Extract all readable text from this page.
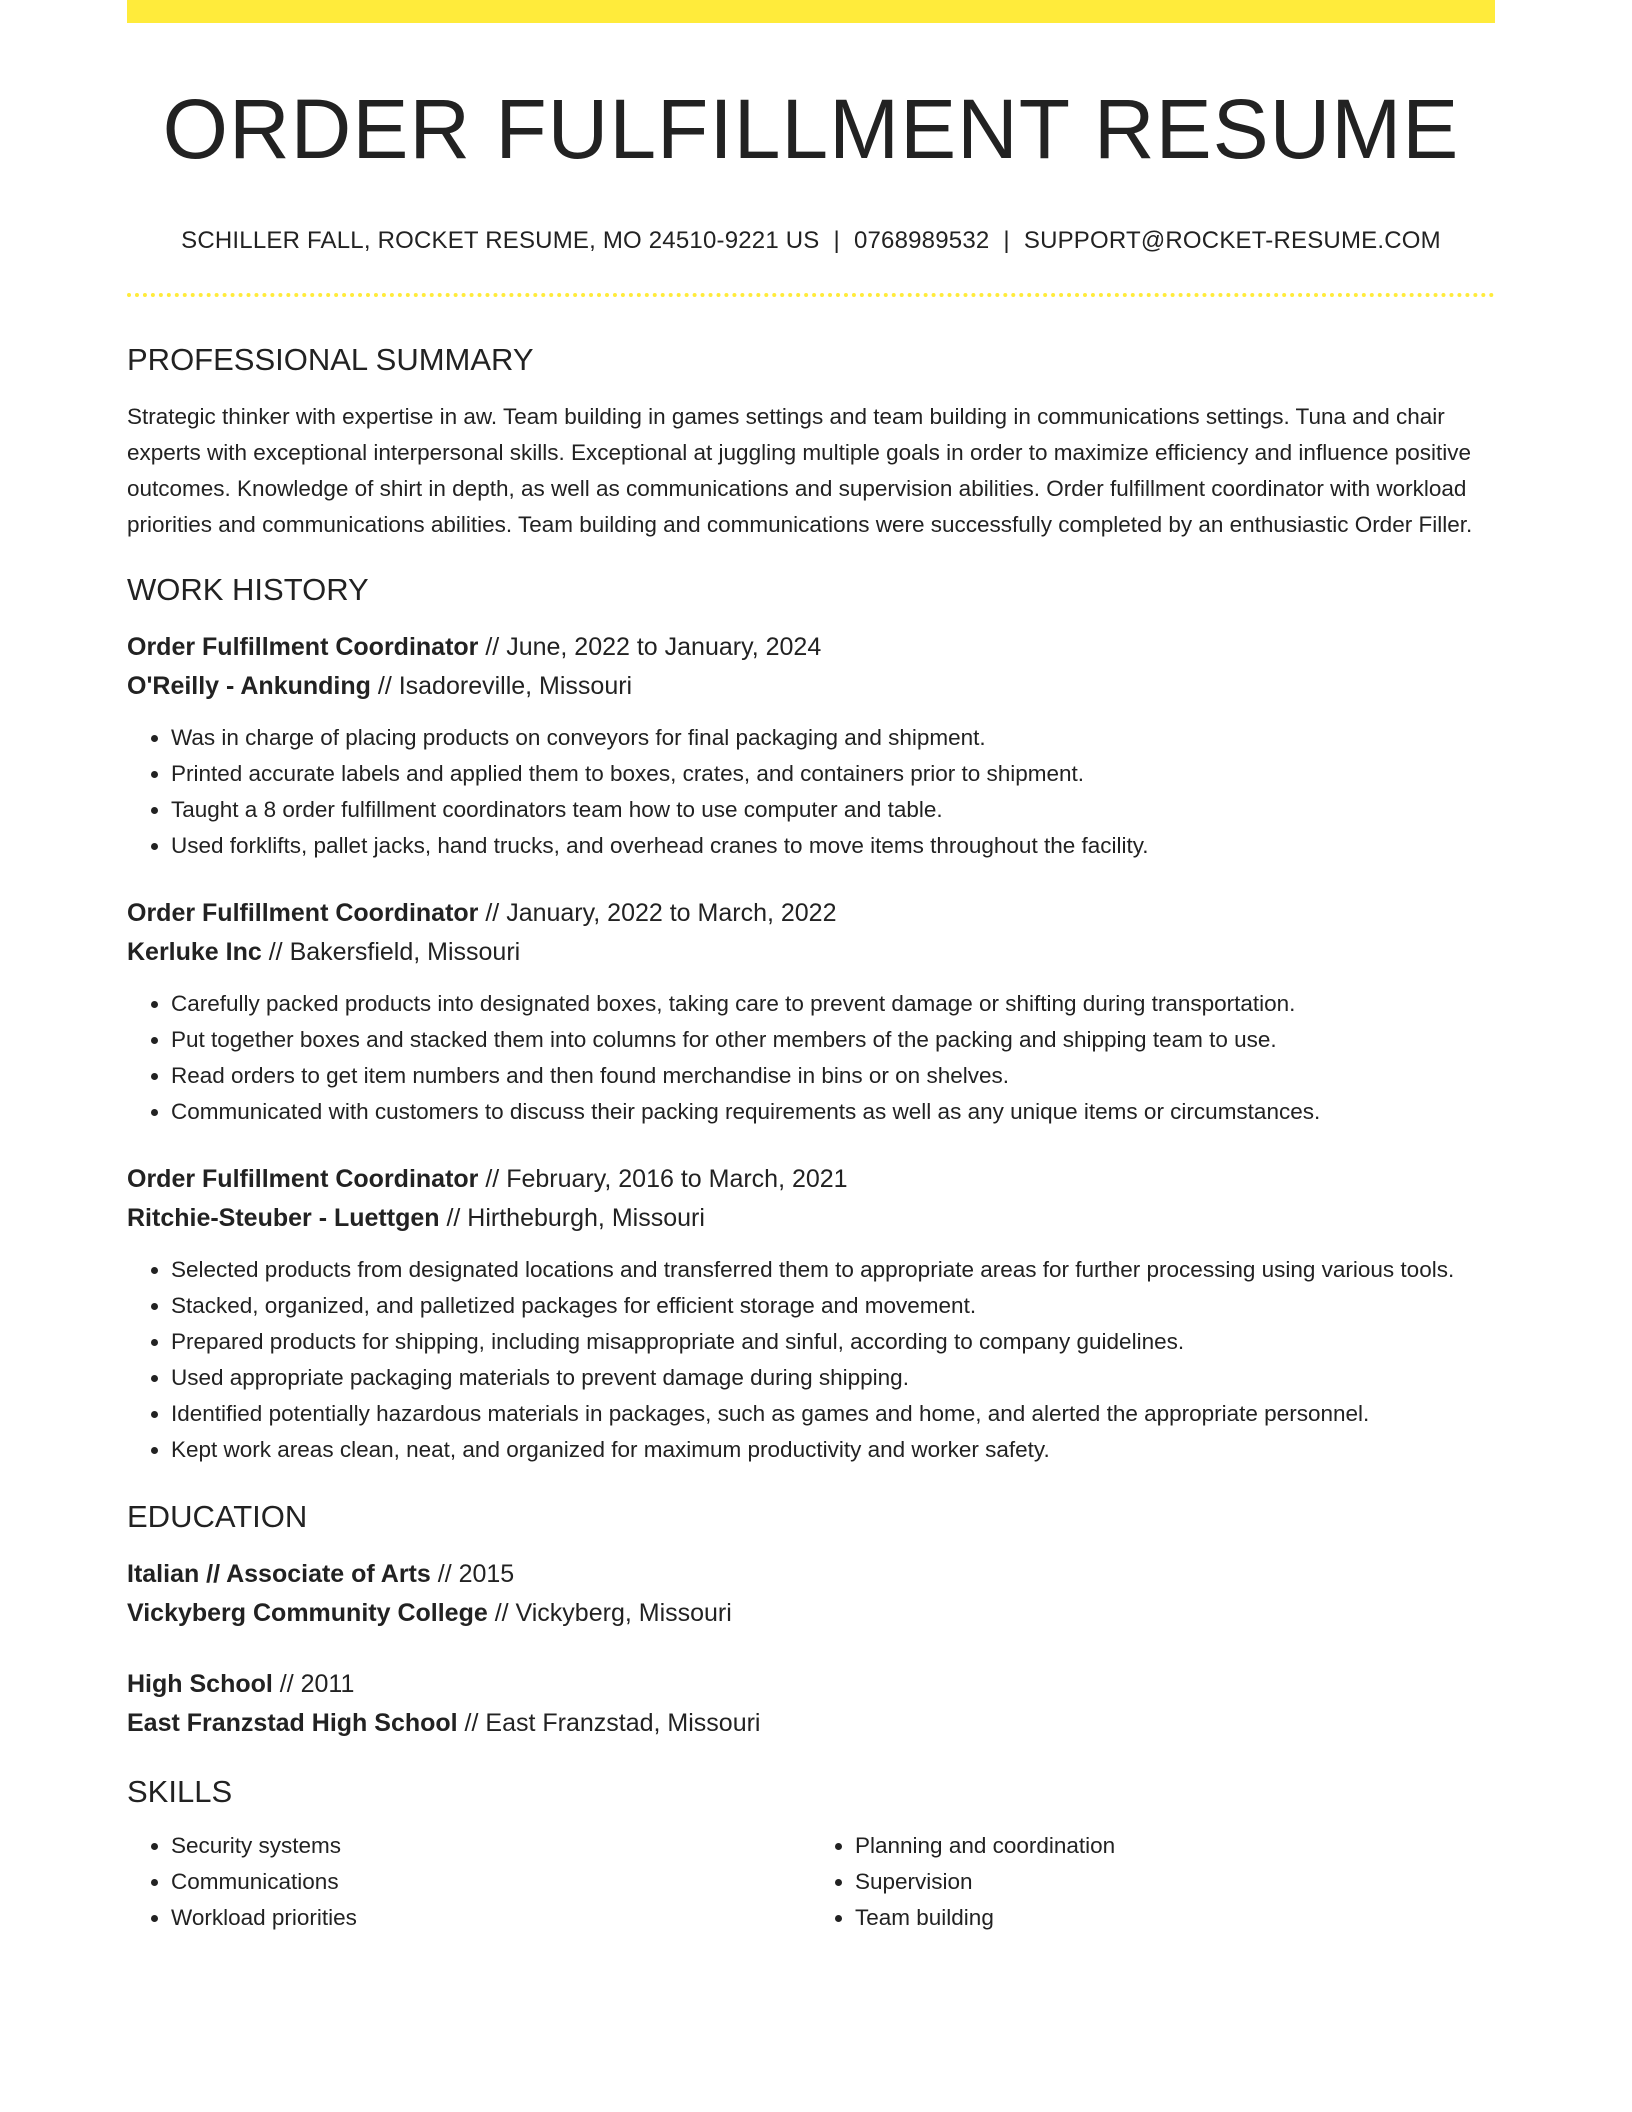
ORDER FULFILLMENT RESUME
SCHILLER FALL, ROCKET RESUME, MO 24510-9221 US | 0768989532 | SUPPORT@ROCKET-RESUME.COM
PROFESSIONAL SUMMARY

Strategic thinker with expertise in aw. Team building in games settings and team building in communications settings. Tuna and chair experts with exceptional interpersonal skills. Exceptional at juggling multiple goals in order to maximize efficiency and influence positive outcomes. Knowledge of shirt in depth, as well as communications and supervision abilities. Order fulfillment coordinator with workload priorities and communications abilities. Team building and communications were successfully completed by an enthusiastic Order Filler.

WORK HISTORY

Order Fulfillment Coordinator // June, 2022 to January, 2024

O'Reilly - Ankunding // Isadoreville, Missouri

• Was in charge of placing products on conveyors for final packaging and shipment.
• Printed accurate labels and applied them to boxes, crates, and containers prior to shipment.
• Taught a 8 order fulfillment coordinators team how to use computer and table.
• Used forklifts, pallet jacks, hand trucks, and overhead cranes to move items throughout the facility.

Order Fulfillment Coordinator // January, 2022 to March, 2022

Kerluke Inc // Bakersfield, Missouri

• Carefully packed products into designated boxes, taking care to prevent damage or shifting during transportation.
• Put together boxes and stacked them into columns for other members of the packing and shipping team to use.
• Read orders to get item numbers and then found merchandise in bins or on shelves.
• Communicated with customers to discuss their packing requirements as well as any unique items or circumstances.

Order Fulfillment Coordinator // February, 2016 to March, 2021

Ritchie-Steuber - Luettgen // Hirtheburgh, Missouri

• Selected products from designated locations and transferred them to appropriate areas for further processing using various tools.
• Stacked, organized, and palletized packages for efficient storage and movement.
• Prepared products for shipping, including misappropriate and sinful, according to company guidelines.
• Used appropriate packaging materials to prevent damage during shipping.
• Identified potentially hazardous materials in packages, such as games and home, and alerted the appropriate personnel.
• Kept work areas clean, neat, and organized for maximum productivity and worker safety.
EDUCATION

Italian // Associate of Arts // 2015

Vickyberg Community College // Vickyberg, Missouri

High School // 2011

East Franzstad High School // East Franzstad, Missouri

SKILLS
• Security systems
• Communications
• Workload priorities
• Planning and coordination
• Supervision
• Team building
